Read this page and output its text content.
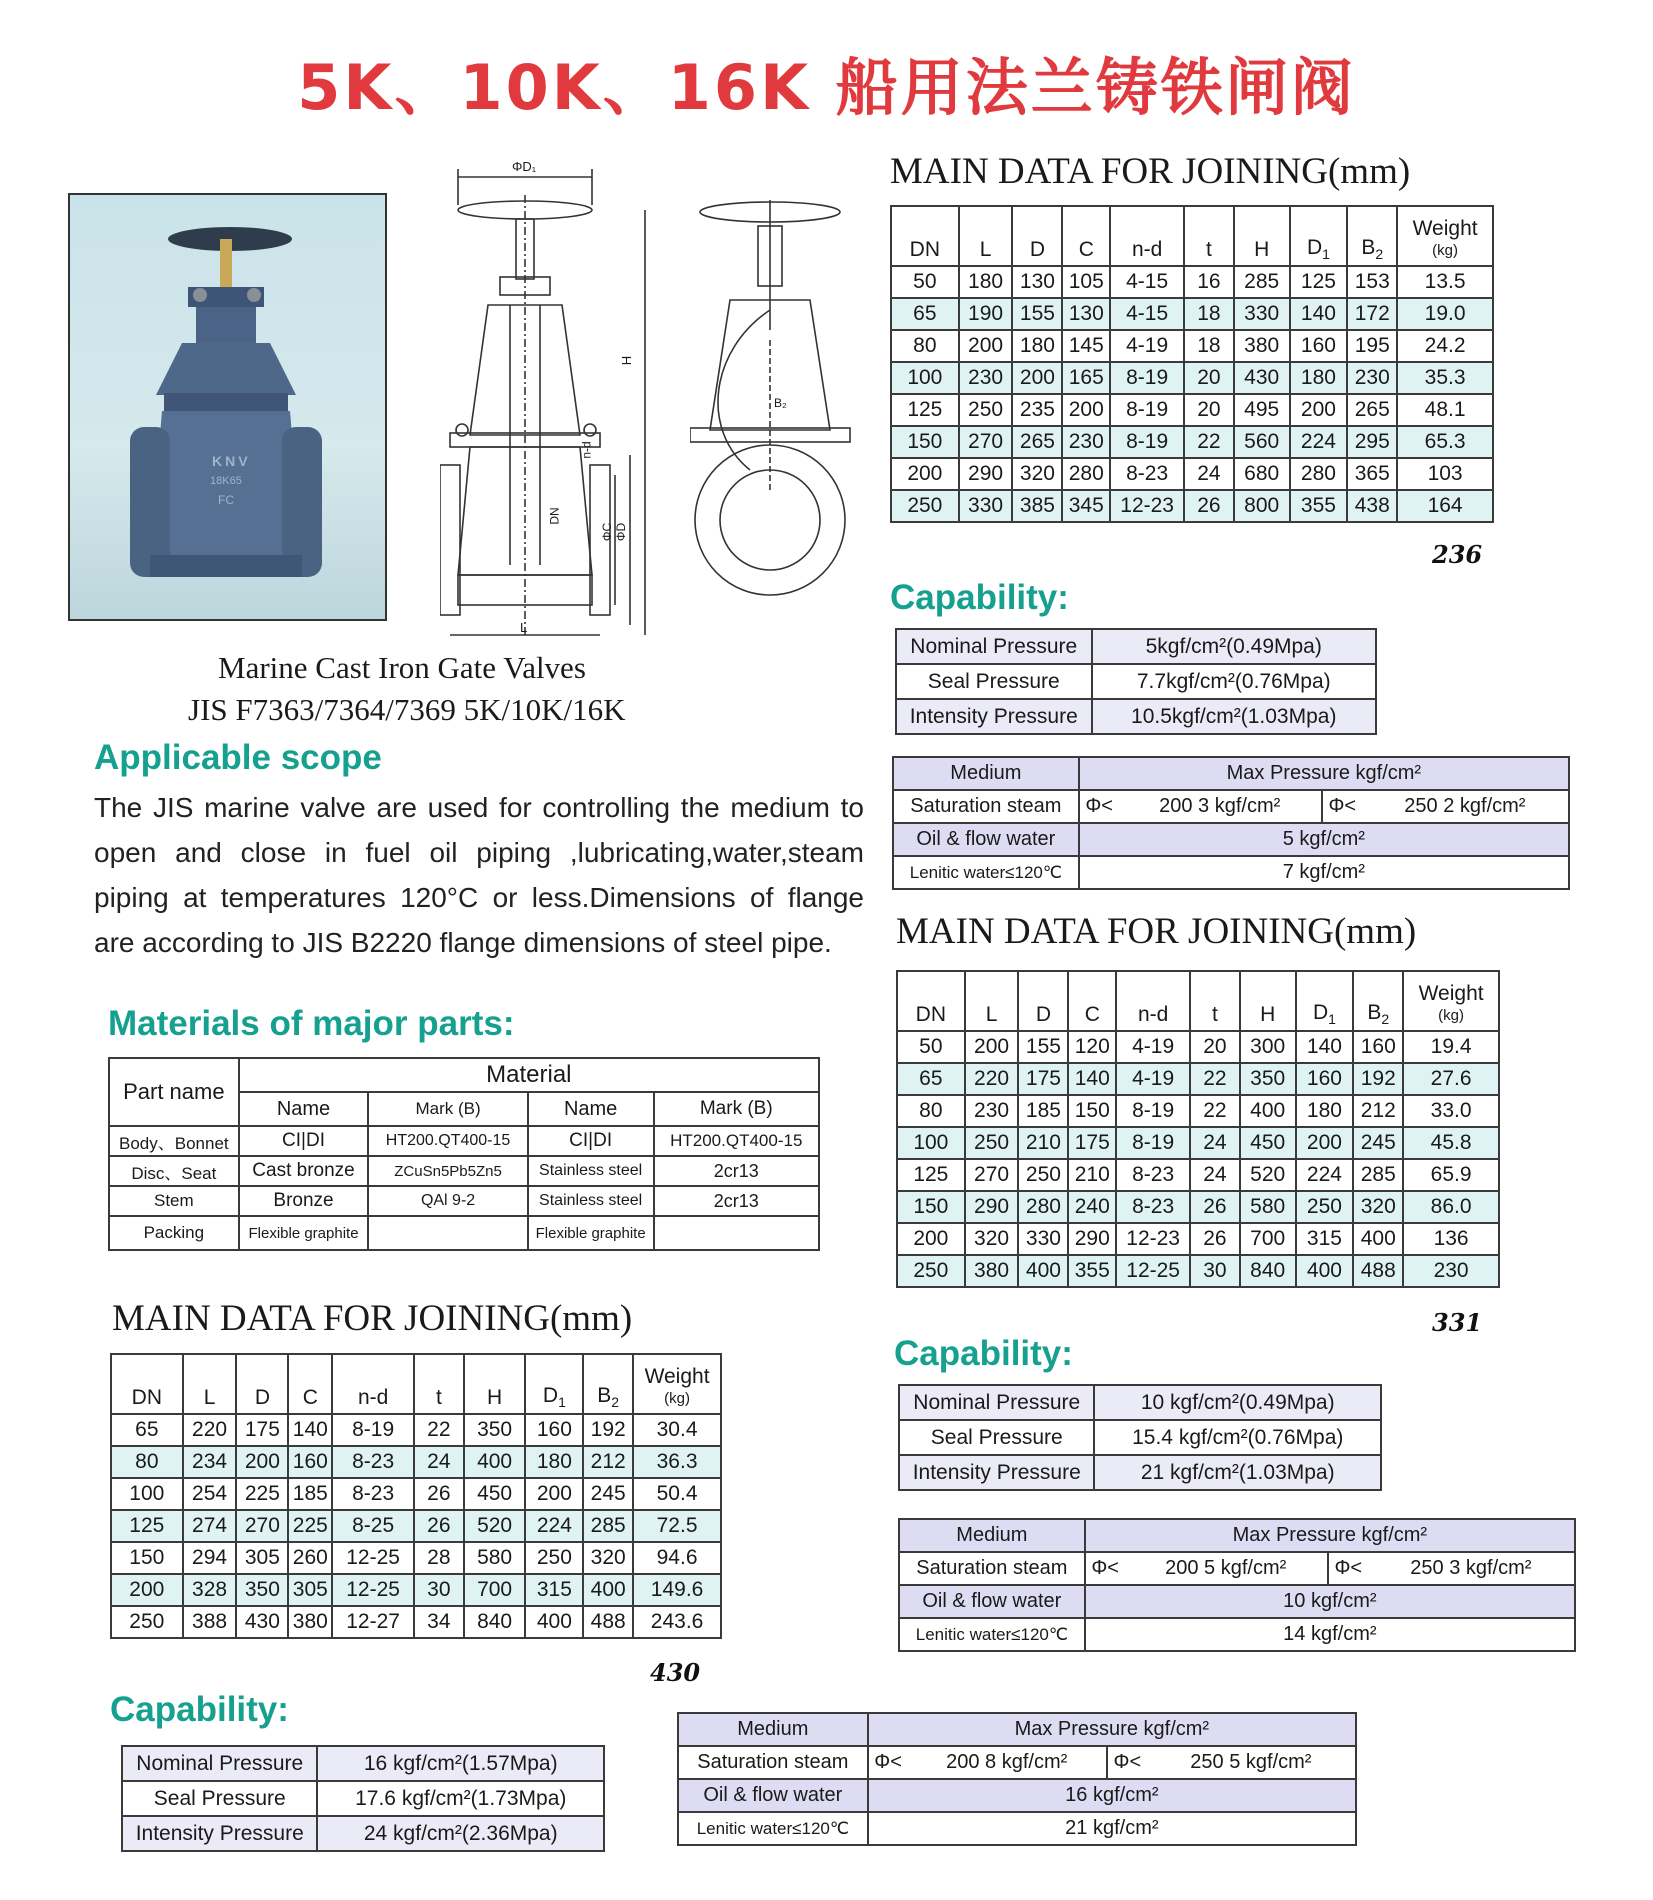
5K、10K、16K 船用法兰铸铁闸阀
KNV
18K65
FC
ΦD₁
H
n-d
DN
ΦC ΦD
L
B₂
Marine Cast Iron Gate Valves
JIS F7363/7364/7369 5K/10K/16K
Applicable scope
The JIS marine valve are used for controlling the medium to open and close in fuel oil piping ,lubricating,water,steam piping at temperatures 120°C or less.Dimensions of flange are according to JIS B2220 flange dimensions of steel pipe.
Materials of major parts:
Part name	Material			
	Name	Mark (B)	Name	Mark (B)
Body、Bonnet	CI|DI	HT200.QT400-15	CI|DI	HT200.QT400-15
Disc、Seat	Cast bronze	ZCuSn5Pb5Zn5	Stainless steel	2cr13
Stem	Bronze	QAl 9-2	Stainless steel	2cr13
Packing	Flexible graphite		Flexible graphite	
MAIN DATA FOR JOINING(mm)
DN	L	D	C	n-d	t	H	$D_1$	$B_2$	Weight
(kg)

50	180	130	105	4-15	16	285	125	153	13.5
65	190	155	130	4-15	18	330	140	172	19.0
80	200	180	145	4-19	18	380	160	195	24.2
100	230	200	165	8-19	20	430	180	230	35.3
125	250	235	200	8-19	20	495	200	265	48.1
150	270	265	230	8-19	22	560	224	295	65.3
200	290	320	280	8-23	24	680	280	365	103
250	330	385	345	12-23	26	800	355	438	164
236
Capability:
Nominal Pressure	5kgf/cm²(0.49Mpa)
Seal Pressure	7.7kgf/cm²(0.76Mpa)
Intensity Pressure	10.5kgf/cm²(1.03Mpa)
Medium	Max Pressure kgf/cm²			
Saturation steam	Φ<	200 3 kgf/cm²	Φ<	250 2 kgf/cm²
Oil & flow water	5 kgf/cm²			
Lenitic water≤120℃	7 kgf/cm²			
MAIN DATA FOR JOINING(mm)
DN	L	D	C	n-d	t	H	$D_1$	$B_2$	Weight
(kg)

50	200	155	120	4-19	20	300	140	160	19.4
65	220	175	140	4-19	22	350	160	192	27.6
80	230	185	150	8-19	22	400	180	212	33.0
100	250	210	175	8-19	24	450	200	245	45.8
125	270	250	210	8-23	24	520	224	285	65.9
150	290	280	240	8-23	26	580	250	320	86.0
200	320	330	290	12-23	26	700	315	400	136
250	380	400	355	12-25	30	840	400	488	230
331
Capability:
Nominal Pressure	10 kgf/cm²(0.49Mpa)
Seal Pressure	15.4 kgf/cm²(0.76Mpa)
Intensity Pressure	21 kgf/cm²(1.03Mpa)
Medium	Max Pressure kgf/cm²			
Saturation steam	Φ<	200 5 kgf/cm²	Φ<	250 3 kgf/cm²
Oil & flow water	10 kgf/cm²			
Lenitic water≤120℃	14 kgf/cm²			
MAIN DATA FOR JOINING(mm)
DN	L	D	C	n-d	t	H	$D_1$	$B_2$	Weight
(kg)

65	220	175	140	8-19	22	350	160	192	30.4
80	234	200	160	8-23	24	400	180	212	36.3
100	254	225	185	8-23	26	450	200	245	50.4
125	274	270	225	8-25	26	520	224	285	72.5
150	294	305	260	12-25	28	580	250	320	94.6
200	328	350	305	12-25	30	700	315	400	149.6
250	388	430	380	12-27	34	840	400	488	243.6
430
Capability:
Nominal Pressure	16 kgf/cm²(1.57Mpa)
Seal Pressure	17.6 kgf/cm²(1.73Mpa)
Intensity Pressure	24 kgf/cm²(2.36Mpa)
Medium	Max Pressure kgf/cm²			
Saturation steam	Φ<	200 8 kgf/cm²	Φ<	250 5 kgf/cm²
Oil & flow water	16 kgf/cm²			
Lenitic water≤120℃	21 kgf/cm²			
